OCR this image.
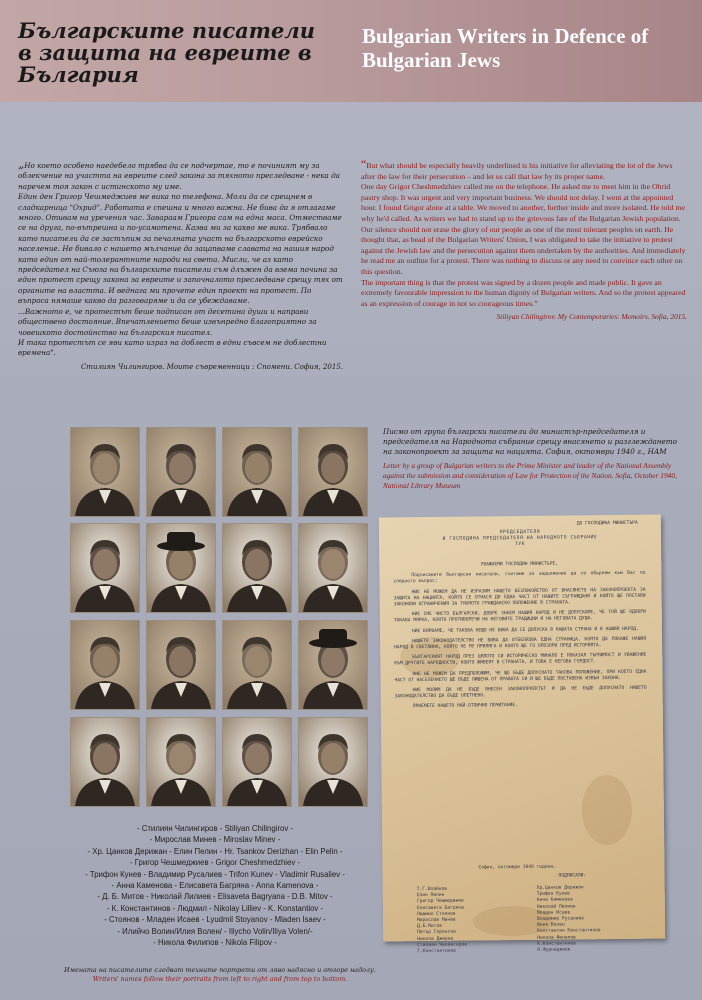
Българските писатели
в защита на евреите в
България
Bulgarian Writers in Defence of
Bulgarian Jews

„Но което особено наедебело трябва да се подчертае, то е починият му за облекчение на участта на евреите след закона за тяхното преследване - нека да наречем тоя закон с истинското му име.

Един ден Григор Чешмеджиев ме вика по телефона. Моли да се срещнем в сладкарница "Охрид". Работата е спешна и много важна. Не бива да я отлагаме много. Отивам на уречения час. Завараам Григора сам на една маса. Отместваме се на друга, по-вътрешна и по-усамотена. Казва ми за какво ме вика. Трябвало като писатели да се застъпим за печалната участ на българското еврейско население. Не бивало с нашето мълчание да зацапваме славата на нашия народ като един от най-толерантните народи на света. Мисли, че аз като председател на Съюза на българските писатели съм длъжен да взема почина за един протест срещу закона за евреите и започналото преследване срещу тях от органите на властта. И веднага ми прочете един проект на протест. По въпроса нямаше какво да разговаряме и да се убеждаваме.

...Важното е, че протестът беше подписан от десетина души и направи обществено достояние. Впечатлението беше извънредно благоприятно за човешкото достойнство на българския писател.

И така протестът се яви като израз на доблест в едни съвсем не доблестни времена".

Стилиян Чилингиров. Моите съвременници : Спомени. София, 2015.

“But what should be especially heavily underlined is his initiative for alleviating the lot of the Jews after the law for their persecution – and let us call that law by its proper name.

One day Grigor Cheshmedzhiev called me on the telephone. He asked me to meet him in the Ohrid pastry shop. It was urgent and very important business. We should not delay. I went at the appointed hour. I found Grigor alone at a table. We moved to another, further inside and more isolated. He told me why he'd called. As writers we had to stand up to the grievous fate of the Bulgarian Jewish population. Our silence should not erase the glory of our people as one of the most tolerant peoples on earth. He thought that, as head of the Bulgarian Writers' Union, I was obligated to take the initiative to protest against the Jewish law and the persecution against them undertaken by the authorities. And immediately he read me an outline for a protest. There was nothing to discuss or any need to convince each other on this question.

The important thing is that the protest was signed by a dozen people and made public. It gave an extremely favourable impression to the human dignity of Bulgarian writers. And so the protest appeared as an expression of courage in not so courageous times.”

Stiliyan Chilingirov. My Contemporaries: Memoirs. Sofia, 2015.

- Стилиян Чилингиров - Stiliyan Chilingirov -
- Мирослав Минев - Miroslav Minev -
- Хр. Цанков Дерижан - Елин Пелин - Hr. Tsankov Derizhan - Elin Pelin -
- Григор Чешмеджиев - Grigor Cheshmedzhiev -
- Трифон Кунев - Владимир Русалиев - Trifon Kunev - Vladimir Rusaliev -
- Анна Каменова - Елисавета Багряна - Anna Kamenova -
- Д. Б. Митов - Николай Лилиев - Elisaveta Bagryana - D.B. Mitov -
- К. Константинов - Людмил - Nikolay Lilliev - K. Konstantiov -
- Стоянов - Младен Исаев - Lyudmil Stoyanov - Mladen Isaev -
- Илийчо Волин/Илия Волен/ - Iliycho Volin/Iliya Volen/-
- Никола Филипов - Nikola Filipov -
Имената на писателите следват техните портрети от ляво надясно и отгоре надолу.
Writers' names follow their portraits from left to right and from top to bottom.
Писмо от група български писатели до министър-председателя и председателя на Народното събрание срещу внасянето и разглеждането на законопроект за защита на нацията. София, октомври 1940 г., НАМ
Letter by a group of Bulgarian writers to the Prime Minister and leader of the National Assembly against the submission and consideration of Law for Protection of the Nation. Sofia, October 1940, National Library Museum
ДО ГОСПОДИНА МИНИСТЪРА
ПРЕДСЕДАТЕЛЯ
И ГОСПОДИНА ПРЕДСЕДАТЕЛЯ НА НАРОДНОТО СЪБРАНИЕ
ТУК

УВАЖАЕМИ ГОСПОДИН МИНИСТЪРЕ,

Подписаните български писатели, считаме за задължение да се обърнем към Вас по следното въпрос:

НИЕ НЕ МОЖЕМ ДА НЕ ИЗРАЗИМ НАШЕТО БЕЗПОКОЙСТВО ОТ ВНАСЯНЕТО НА ЗАКОНОПРОЕКТА ЗА ЗАЩИТА НА НАЦИЯТА, КОЙТО СЕ ОТНАСЯ ДО ЕДНА ЧАСТ ОТ НАШИТЕ СЪГРАЖДАНИ И КОЙТО ЩЕ ПОСТАВИ ЗАКОНОВИ ОГРАНИЧЕНИЯ ЗА ТЯХНОТО ГРАЖДАНСКО ПОЛОЖЕНИЕ В СТРАНАТА.

НИЕ СМЕ ЧИСТО БЪЛГАРСКИ, ДОБРЕ ЗНАЕМ НАШИЯ НАРОД И НЕ ДОПУСКАМЕ, ЧЕ ТОЙ ЩЕ ОДОБРИ ТАКАВА МЯРКА, КОЯТО ПРОТИВОРЕЧИ НА НЕГОВИТЕ ТРАДИЦИИ И НА НЕГОВАТА ДУША.

НИЕ ВЯРВАМЕ, ЧЕ ТАКОВА НЕЩО НЕ БИВА ДА СЕ ДОПУСКА В НАШАТА СТРАНА И В НАШИЯ НАРОД.

НАШЕТО ЗАКОНОДАТЕЛСТВО НЕ БИВА ДА ОТБЕЛЯЗВА ЕДНА СТРАНИЦА, КОЯТО ДА ПОКАЖЕ НАШИЯ НАРОД В СВЕТЛИНА, КОЯТО НЕ МУ ПРИЛЯГА И КОЯТО ЩЕ ГО ОПОЗОРИ ПРЕД ИСТОРИЯТА.

БЪЛГАРСКИЯТ НАРОД ПРЕЗ ЦЯЛОТО СИ ИСТОРИЧЕСКО МИНАЛО Е ПОКАЗАЛ ТЪРПИМОСТ И УВАЖЕНИЕ КЪМ ДРУГИТЕ НАРОДНОСТИ, КОИТО ЖИВЕЯТ В СТРАНАТА, И ТОВА Е НЕГОВА ГОРДОСТ.

НИЕ НЕ МОЖЕМ ДА ПРЕДПОЛОЖИМ, ЧЕ ЩЕ БЪДЕ ДОПУСНАТО ТАКОВА ПОЛОЖЕНИЕ, ПРИ КОЕТО ЕДНА ЧАСТ ОТ НАСЕЛЕНИЕТО ЩЕ БЪДЕ ЛИШЕНА ОТ ПРАВАТА СИ И ЩЕ БЪДЕ ПОСТАВЕНА ИЗВЪН ЗАКОНА.

НИЕ МОЛИМ ДА НЕ БЪДЕ ВНЕСЕН ЗАКОНОПРОЕКТЪТ И ДА НЕ БЪДЕ ДОПУСНАТО НАШЕТО ЗАКОНОДАТЕЛСТВО ДА БЪДЕ ОПЕТНЕНО.

ПРИЕМЕТЕ НАШЕТО НАЙ-ОТЛИЧНО ПОЧИТАНИЕ.

София, октомври 1940 година.
ПОДПИСАЛИ:
Т.Г.Влайков
Елин Пелин
Григор Чешмеджиев
Елисавета Багряна
Людмил Стоянов
Мирослав Минев
Д.Б.Митов
Петър Горянски
Никола Джеров
Стилиян Чилингиров
Г.Константинов
Хр.Цанков Дерижан
Трифон Кунев
Анна Каменова
Николай Лилиев
Младен Исаев
Владимир Русалиев
Илия Волен
Константин Константинов
Никола Филипов
К.Константинов
Н.Фурнаджиев
